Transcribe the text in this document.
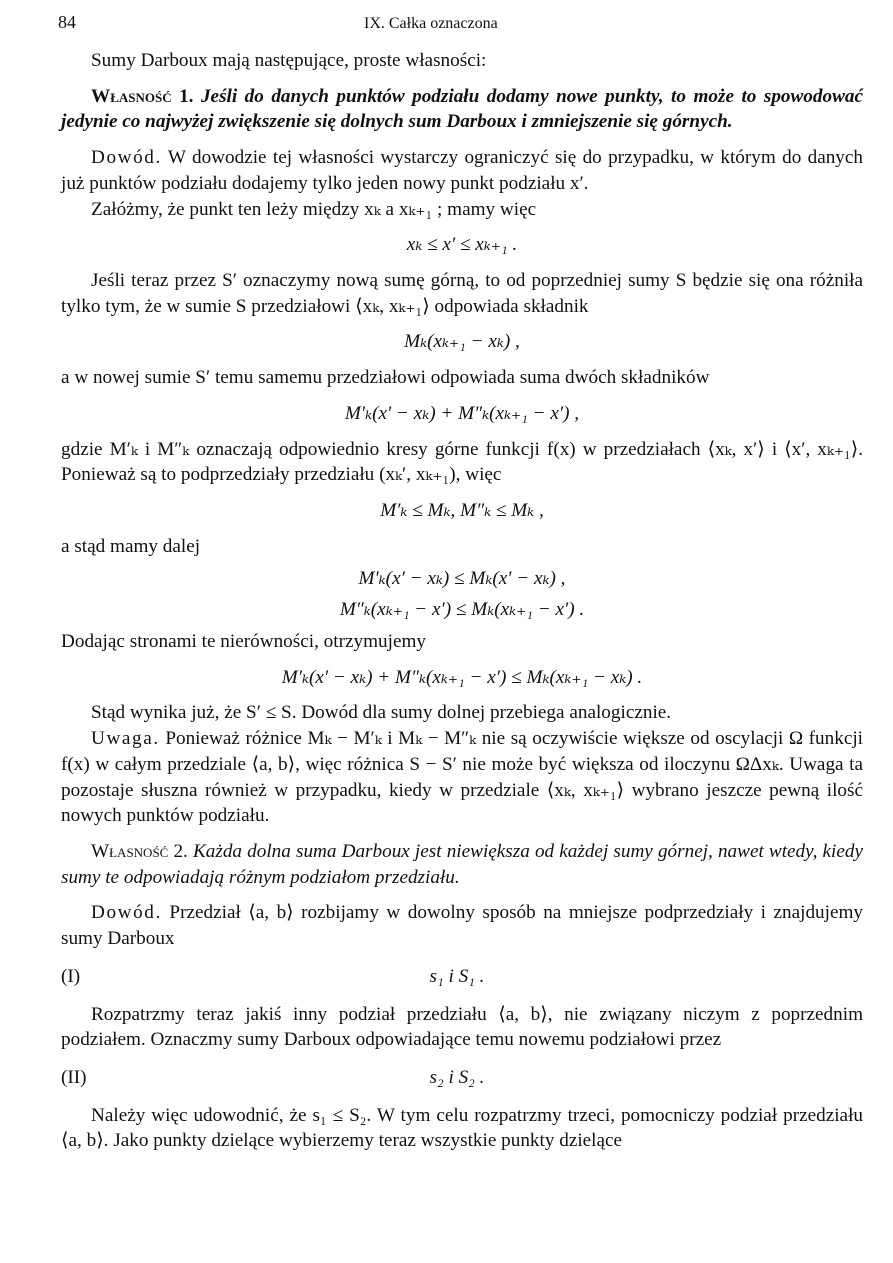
84	IX. Całka oznaczona

Sumy Darboux mają następujące, proste własności:

Własność 1. Jeśli do danych punktów podziału dodamy nowe punkty, to może to spowodować jedynie co najwyżej zwiększenie się dolnych sum Darboux i zmniejszenie się górnych.

Dowód. W dowodzie tej własności wystarczy ograniczyć się do przypadku, w którym do danych już punktów podziału dodajemy tylko jeden nowy punkt podziału x′.

Załóżmy, że punkt ten leży między xₖ a xₖ₊₁ ; mamy więc

xₖ ≤ x′ ≤ xₖ₊₁ .

Jeśli teraz przez S′ oznaczymy nową sumę górną, to od poprzedniej sumy S będzie się ona różniła tylko tym, że w sumie S przedziałowi ⟨xₖ, xₖ₊₁⟩ odpowiada składnik

Mₖ(xₖ₊₁ − xₖ) ,

a w nowej sumie S′ temu samemu przedziałowi odpowiada suma dwóch składników

M′ₖ(x′ − xₖ) + M″ₖ(xₖ₊₁ − x′) ,

gdzie M′ₖ i M″ₖ oznaczają odpowiednio kresy górne funkcji f(x) w przedziałach ⟨xₖ, x′⟩ i ⟨x′, xₖ₊₁⟩. Ponieważ są to podprzedziały przedziału (xₖ′, xₖ₊₁), więc

M′ₖ ≤ Mₖ, M″ₖ ≤ Mₖ ,

a stąd mamy dalej

M′ₖ(x′ − xₖ) ≤ Mₖ(x′ − xₖ) ,
M″ₖ(xₖ₊₁ − x′) ≤ Mₖ(xₖ₊₁ − x′) .

Dodając stronami te nierówności, otrzymujemy

M′ₖ(x′ − xₖ) + M″ₖ(xₖ₊₁ − x′) ≤ Mₖ(xₖ₊₁ − xₖ) .

Stąd wynika już, że S′ ≤ S. Dowód dla sumy dolnej przebiega analogicznie.

Uwaga. Ponieważ różnice Mₖ − M′ₖ i Mₖ − M″ₖ nie są oczywiście większe od oscylacji Ω funkcji f(x) w całym przedziale ⟨a, b⟩, więc różnica S − S′ nie może być większa od iloczynu ΩΔxₖ. Uwaga ta pozostaje słuszna również w przypadku, kiedy w przedziale ⟨xₖ, xₖ₊₁⟩ wybrano jeszcze pewną ilość nowych punktów podziału.

Własność 2. Każda dolna suma Darboux jest niewiększa od każdej sumy górnej, nawet wtedy, kiedy sumy te odpowiadają różnym podziałom przedziału.

Dowód. Przedział ⟨a, b⟩ rozbijamy w dowolny sposób na mniejsze podprzedziały i znajdujemy sumy Darboux

(I)	s₁ i S₁ .

Rozpatrzmy teraz jakiś inny podział przedziału ⟨a, b⟩, nie związany niczym z poprzednim podziałem. Oznaczmy sumy Darboux odpowiadające temu nowemu podziałowi przez

(II)	s₂ i S₂ .

Należy więc udowodnić, że s₁ ≤ S₂. W tym celu rozpatrzmy trzeci, pomocniczy podział przedziału ⟨a, b⟩. Jako punkty dzielące wybierzemy teraz wszystkie punkty dzielące
